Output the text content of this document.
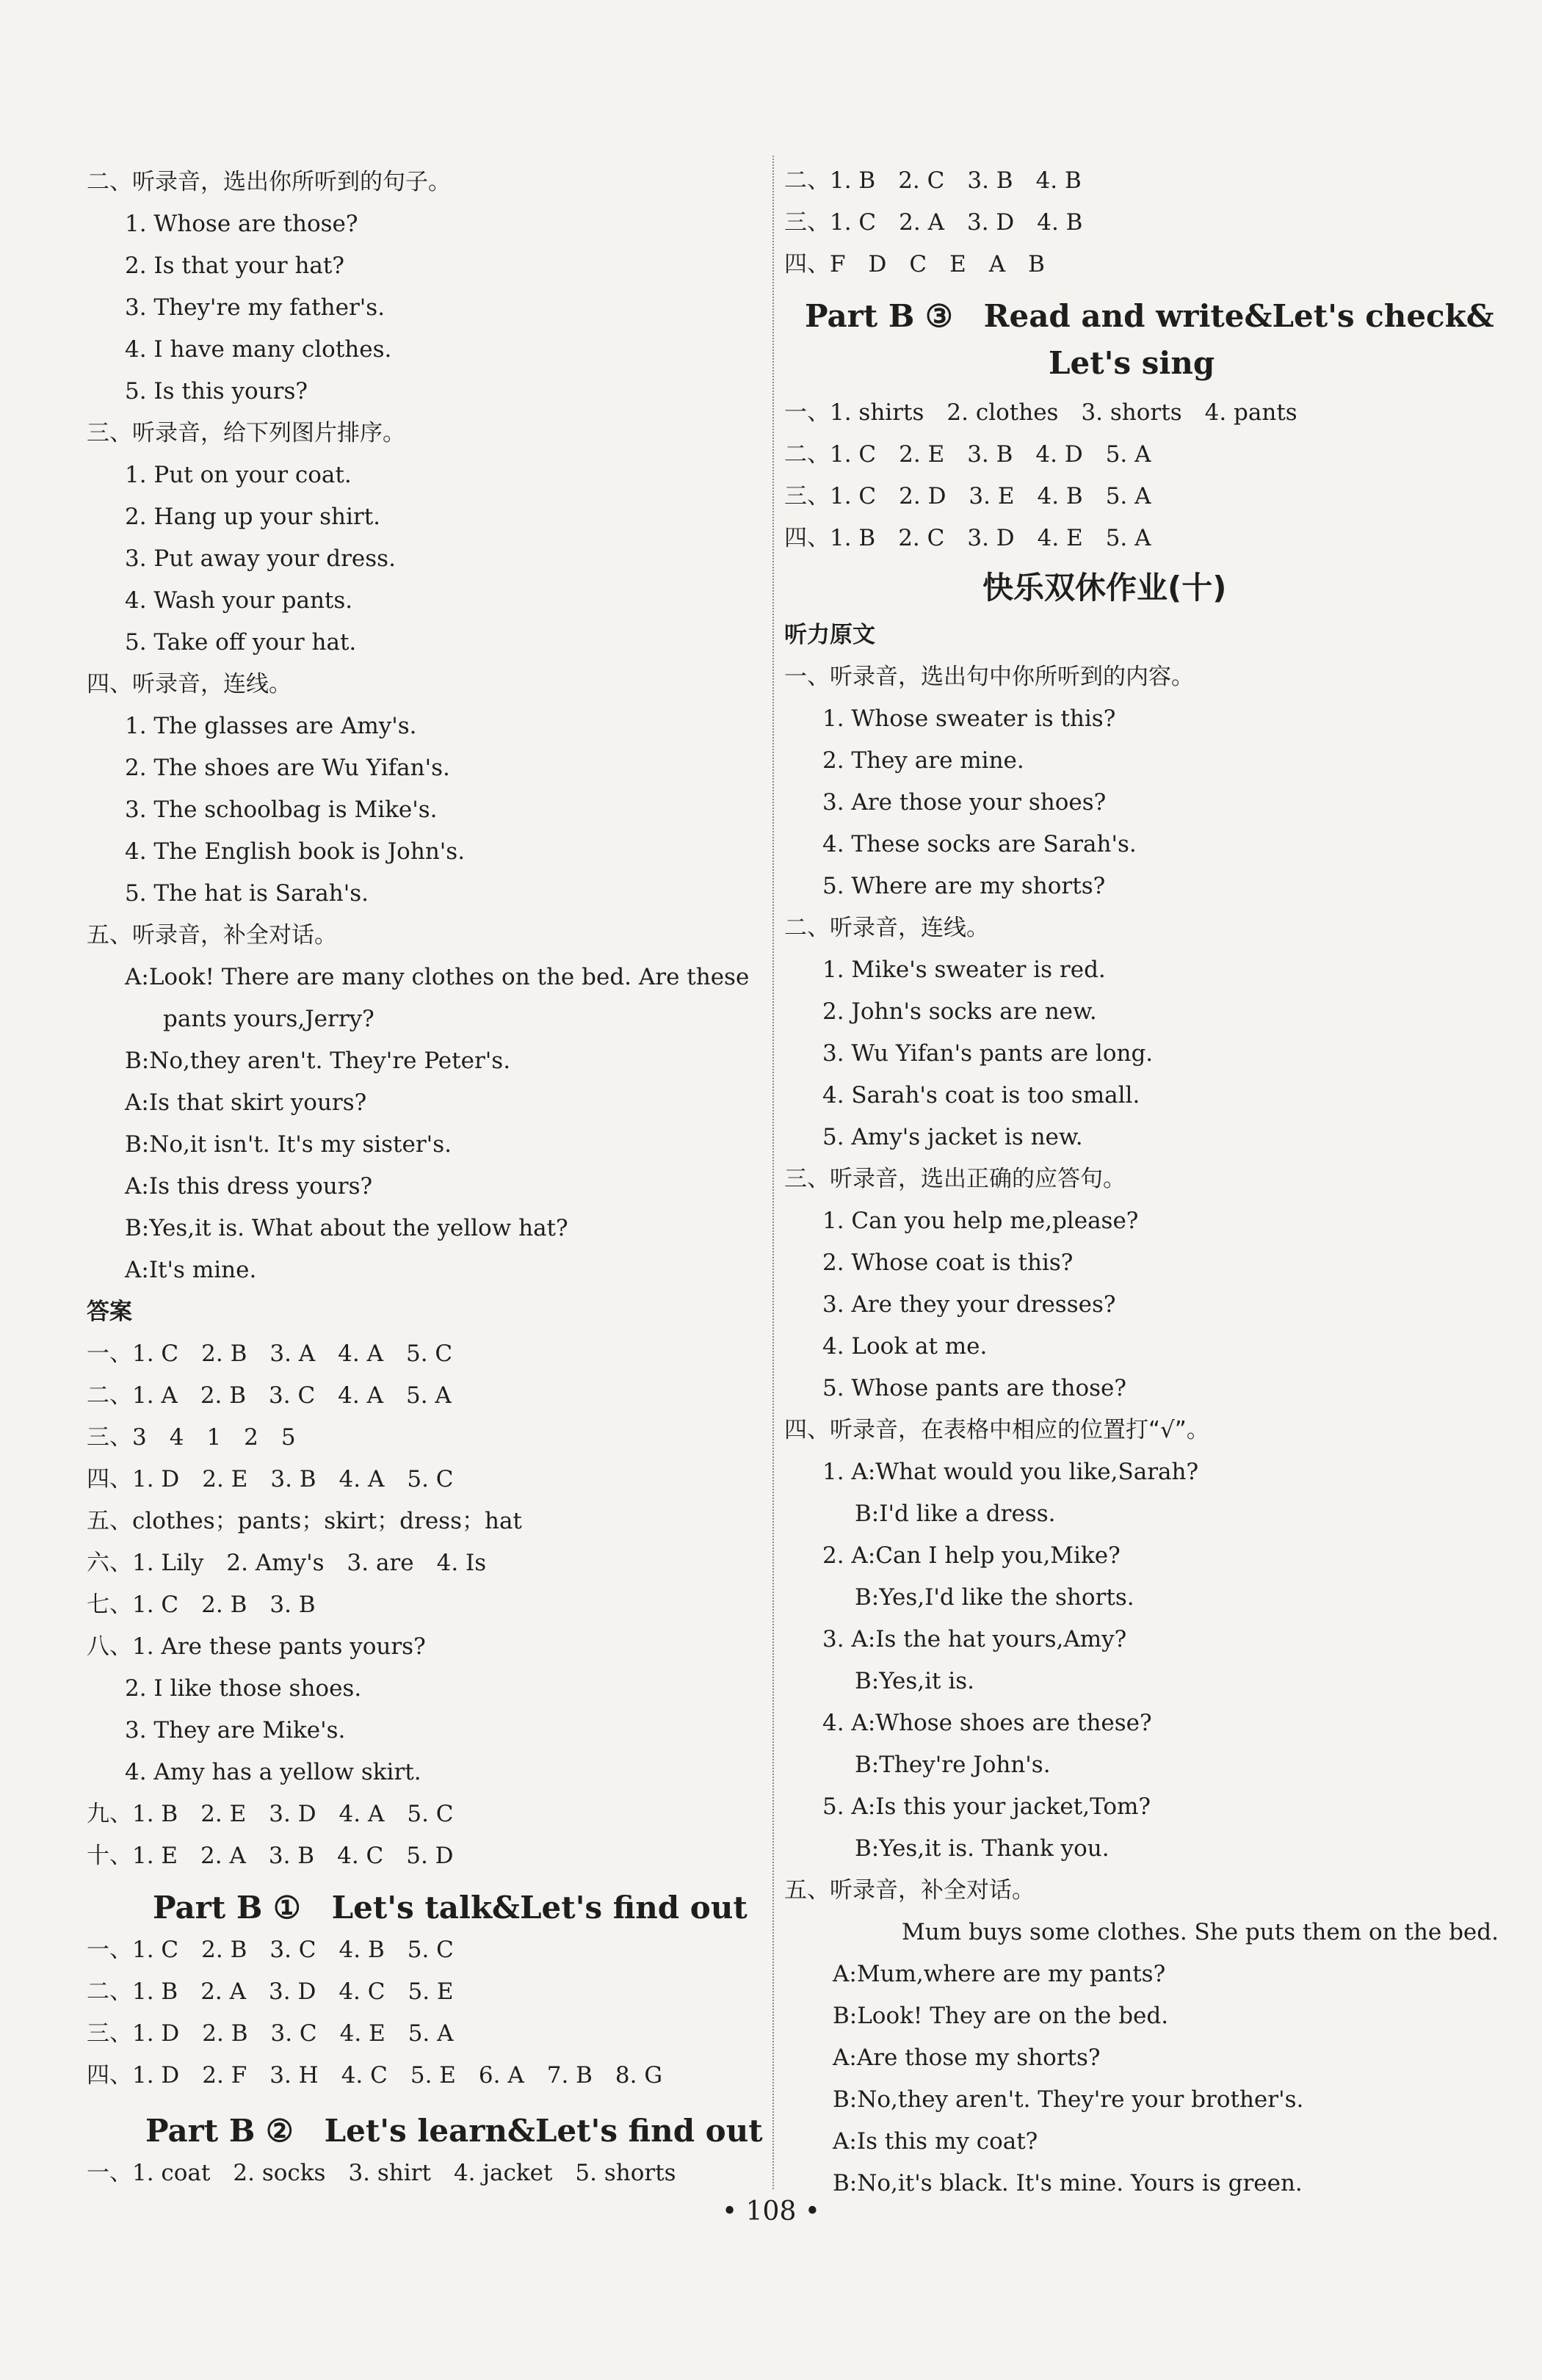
二、听录音，选出你所听到的句子。
1. Whose are those?
2. Is that your hat?
3. They're my father's.
4. I have many clothes.
5. Is this yours?
三、听录音，给下列图片排序。
1. Put on your coat.
2. Hang up your shirt.
3. Put away your dress.
4. Wash your pants.
5. Take off your hat.
四、听录音，连线。
1. The glasses are Amy's.
2. The shoes are Wu Yifan's.
3. The schoolbag is Mike's.
4. The English book is John's.
5. The hat is Sarah's.
五、听录音，补全对话。
A:Look! There are many clothes on the bed. Are these
pants yours,Jerry?
B:No,they aren't. They're Peter's.
A:Is that skirt yours?
B:No,it isn't. It's my sister's.
A:Is this dress yours?
B:Yes,it is. What about the yellow hat?
A:It's mine.
答案
一、1. C　2. B　3. A　4. A　5. C
二、1. A　2. B　3. C　4. A　5. A
三、3　4　1　2　5
四、1. D　2. E　3. B　4. A　5. C
五、clothes；pants；skirt；dress；hat
六、1. Lily　2. Amy's　3. are　4. Is
七、1. C　2. B　3. B
八、1. Are these pants yours?
2. I like those shoes.
3. They are Mike's.
4. Amy has a yellow skirt.
九、1. B　2. E　3. D　4. A　5. C
十、1. E　2. A　3. B　4. C　5. D
Part B ①　Let's talk&Let's find out
一、1. C　2. B　3. C　4. B　5. C
二、1. B　2. A　3. D　4. C　5. E
三、1. D　2. B　3. C　4. E　5. A
四、1. D　2. F　3. H　4. C　5. E　6. A　7. B　8. G
Part B ②　Let's learn&Let's find out
一、1. coat　2. socks　3. shirt　4. jacket　5. shorts
二、1. B　2. C　3. B　4. B
三、1. C　2. A　3. D　4. B
四、F　D　C　E　A　B
Part B ③　Read and write&Let's check&
Let's sing
一、1. shirts　2. clothes　3. shorts　4. pants
二、1. C　2. E　3. B　4. D　5. A
三、1. C　2. D　3. E　4. B　5. A
四、1. B　2. C　3. D　4. E　5. A
快乐双休作业(十)
听力原文
一、听录音，选出句中你所听到的内容。
1. Whose sweater is this?
2. They are mine.
3. Are those your shoes?
4. These socks are Sarah's.
5. Where are my shorts?
二、听录音，连线。
1. Mike's sweater is red.
2. John's socks are new.
3. Wu Yifan's pants are long.
4. Sarah's coat is too small.
5. Amy's jacket is new.
三、听录音，选出正确的应答句。
1. Can you help me,please?
2. Whose coat is this?
3. Are they your dresses?
4. Look at me.
5. Whose pants are those?
四、听录音，在表格中相应的位置打“√”。
1. A:What would you like,Sarah?
B:I'd like a dress.
2. A:Can I help you,Mike?
B:Yes,I'd like the shorts.
3. A:Is the hat yours,Amy?
B:Yes,it is.
4. A:Whose shoes are these?
B:They're John's.
5. A:Is this your jacket,Tom?
B:Yes,it is. Thank you.
五、听录音，补全对话。
Mum buys some clothes. She puts them on the bed.
A:Mum,where are my pants?
B:Look! They are on the bed.
A:Are those my shorts?
B:No,they aren't. They're your brother's.
A:Is this my coat?
B:No,it's black. It's mine. Yours is green.
• 108 •
